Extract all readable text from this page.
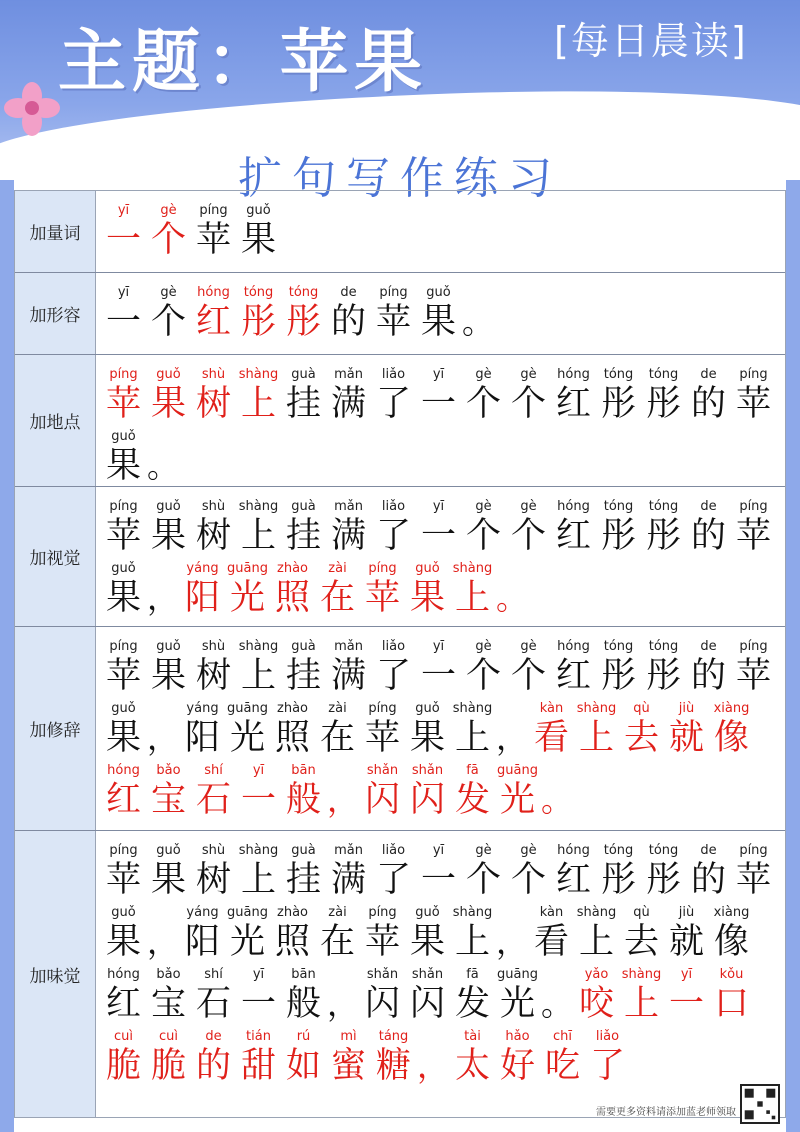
主题：苹果	[每日晨读]
扩句写作练习
加量词
yī
一
gè
个
píng
苹
guǒ
果
加形容
yī
一
gè
个
hóng
红
tóng
彤
tóng
彤
de
的
píng
苹
guǒ
果 。
加地点
píng
苹
guǒ
果
shù
树
shàng
上
guà
挂
mǎn
满
liǎo
了
yī
一
gè
个
gè
个
hóng
红
tóng
彤
tóng
彤
de
的
píng
苹
guǒ
果 。
加视觉
píng
苹
guǒ
果
shù
树
shàng
上
guà
挂
mǎn
满
liǎo
了
yī
一
gè
个
gè
个
hóng
红
tóng
彤
tóng
彤
de
的
píng
苹
guǒ
果 ，
yáng
阳
guāng
光
zhào
照
zài
在
píng
苹
guǒ
果
shàng
上 。
加修辞
píng
苹
guǒ
果
shù
树
shàng
上
guà
挂
mǎn
满
liǎo
了
yī
一
gè
个
gè
个
hóng
红
tóng
彤
tóng
彤
de
的
píng
苹
guǒ
果 ，
yáng
阳
guāng
光
zhào
照
zài
在
píng
苹
guǒ
果
shàng
上 ，
kàn
看
shàng
上
qù
去
jiù
就
xiàng
像
hóng
红
bǎo
宝
shí
石
yī
一
bān
般 ，
shǎn
闪
shǎn
闪
fā
发
guāng
光 。
加味觉
píng
苹
guǒ
果
shù
树
shàng
上
guà
挂
mǎn
满
liǎo
了
yī
一
gè
个
gè
个
hóng
红
tóng
彤
tóng
彤
de
的
píng
苹
guǒ
果 ，
yáng
阳
guāng
光
zhào
照
zài
在
píng
苹
guǒ
果
shàng
上 ，
kàn
看
shàng
上
qù
去
jiù
就
xiàng
像
hóng
红
bǎo
宝
shí
石
yī
一
bān
般 ，
shǎn
闪
shǎn
闪
fā
发
guāng
光 。
yǎo
咬
shàng
上
yī
一
kǒu
口
cuì
脆
cuì
脆
de
的
tián
甜
rú
如
mì
蜜
táng
糖 ，
tài
太
hǎo
好
chī
吃
liǎo
了
需要更多资料请添加蓝老师领取
